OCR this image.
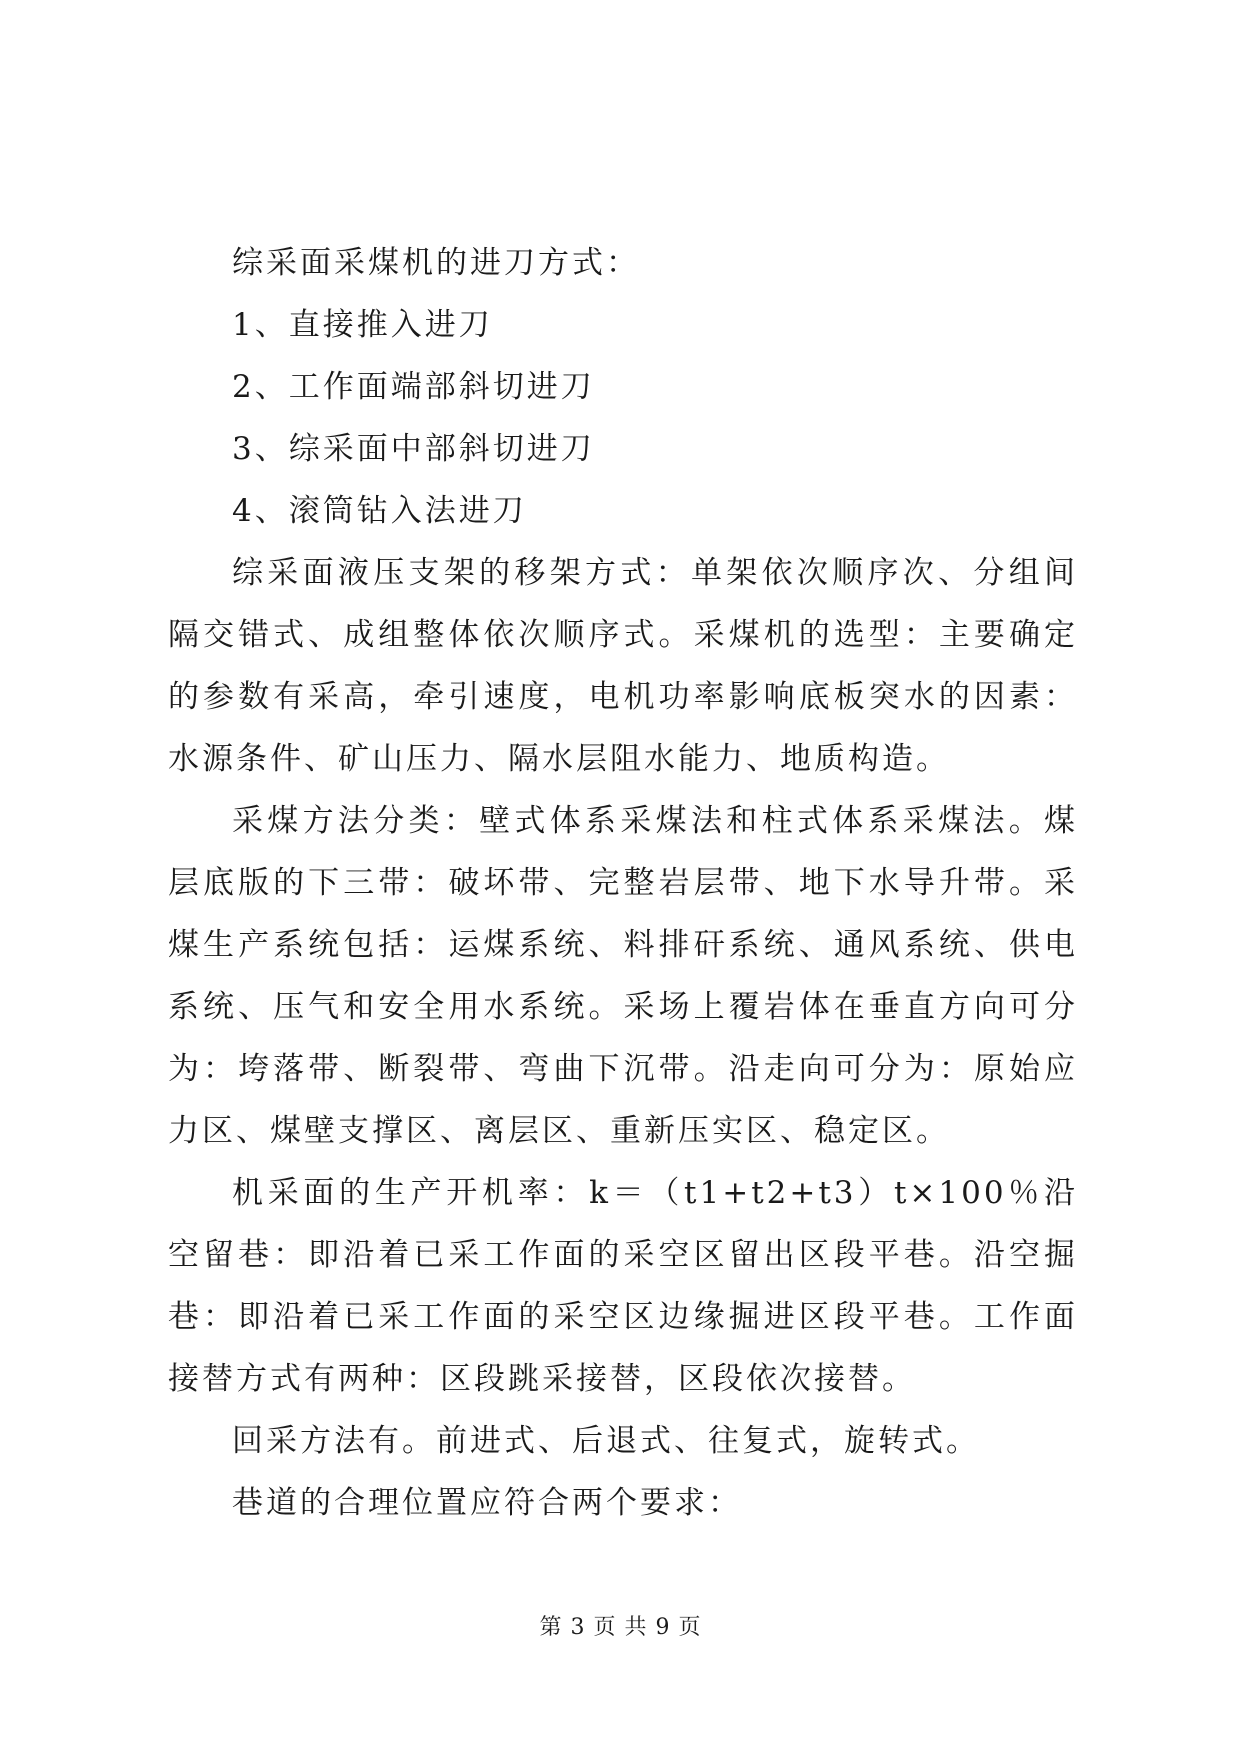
综采面采煤机的进刀方式：

1、直接推入进刀

2、工作面端部斜切进刀

3、综采面中部斜切进刀

4、滚筒钻入法进刀

综采面液压支架的移架方式：单架依次顺序次、分组间隔交错式、成组整体依次顺序式。采煤机的选型：主要确定的参数有采高，牵引速度，电机功率影响底板突水的因素：水源条件、矿山压力、隔水层阻水能力、地质构造。

采煤方法分类：壁式体系采煤法和柱式体系采煤法。煤层底版的下三带：破坏带、完整岩层带、地下水导升带。采煤生产系统包括：运煤系统、料排矸系统、通风系统、供电系统、压气和安全用水系统。采场上覆岩体在垂直方向可分为：垮落带、断裂带、弯曲下沉带。沿走向可分为：原始应力区、煤壁支撑区、离层区、重新压实区、稳定区。

机采面的生产开机率：k＝（t1+t2+t3）t×100％沿空留巷：即沿着已采工作面的采空区留出区段平巷。沿空掘巷：即沿着已采工作面的采空区边缘掘进区段平巷。工作面接替方式有两种：区段跳采接替，区段依次接替。

回采方法有。前进式、后退式、往复式，旋转式。

巷道的合理位置应符合两个要求：

第 3 页 共 9 页
